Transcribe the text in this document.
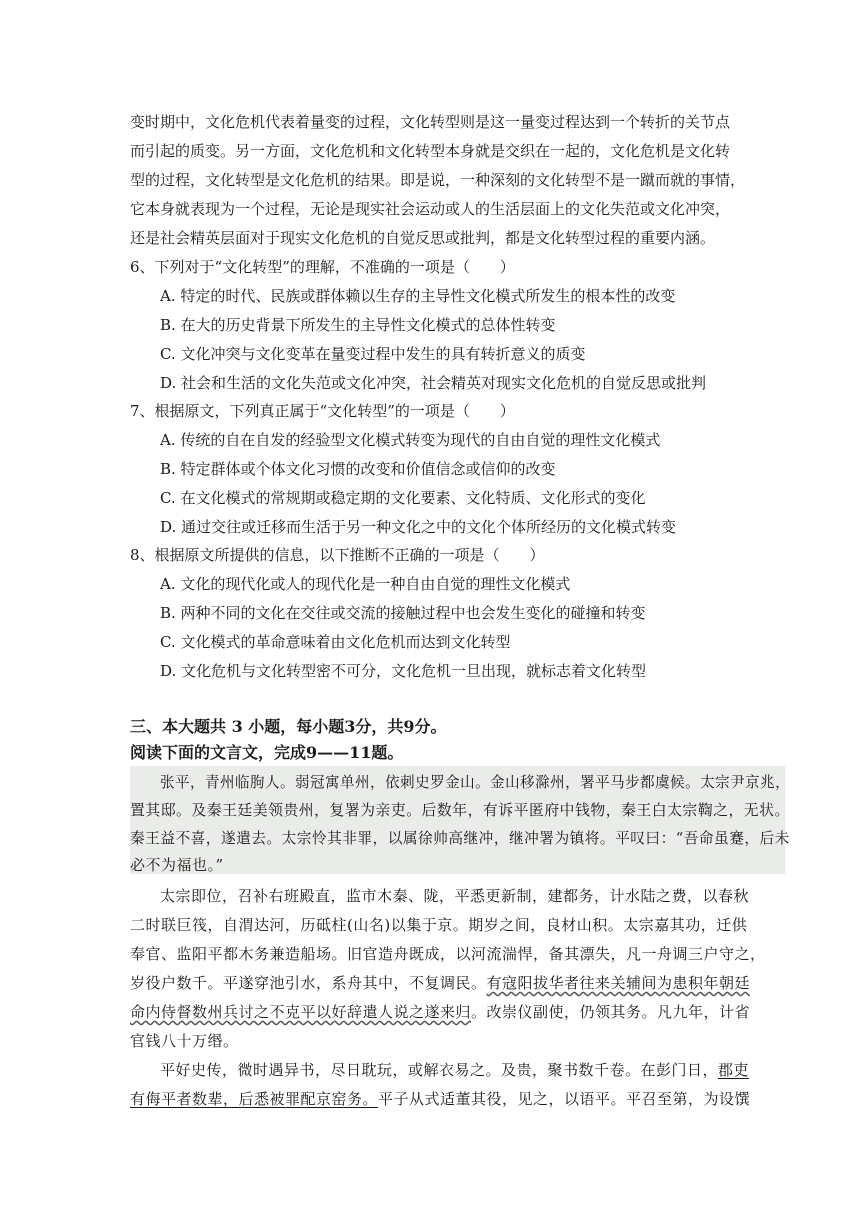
变时期中，文化危机代表着量变的过程，文化转型则是这一量变过程达到一个转折的关节点
而引起的质变。另一方面，文化危机和文化转型本身就是交织在一起的，文化危机是文化转
型的过程，文化转型是文化危机的结果。即是说，一种深刻的文化转型不是一蹴而就的事情，
它本身就表现为一个过程，无论是现实社会运动或人的生活层面上的文化失范或文化冲突，
还是社会精英层面对于现实文化危机的自觉反思或批判，都是文化转型过程的重要内涵。
6、下列对于“文化转型”的理解，不准确的一项是（　　）
A. 特定的时代、民族或群体赖以生存的主导性文化模式所发生的根本性的改变
B. 在大的历史背景下所发生的主导性文化模式的总体性转变
C. 文化冲突与文化变革在量变过程中发生的具有转折意义的质变
D. 社会和生活的文化失范或文化冲突，社会精英对现实文化危机的自觉反思或批判
7、根据原文，下列真正属于“文化转型”的一项是（　　）
A. 传统的自在自发的经验型文化模式转变为现代的自由自觉的理性文化模式
B. 特定群体或个体文化习惯的改变和价值信念或信仰的改变
C. 在文化模式的常规期或稳定期的文化要素、文化特质、文化形式的变化
D. 通过交往或迁移而生活于另一种文化之中的文化个体所经历的文化模式转变
8、根据原文所提供的信息，以下推断不正确的一项是（　　）
A. 文化的现代化或人的现代化是一种自由自觉的理性文化模式
B. 两种不同的文化在交往或交流的接触过程中也会发生变化的碰撞和转变
C. 文化模式的革命意味着由文化危机而达到文化转型
D. 文化危机与文化转型密不可分，文化危机一旦出现，就标志着文化转型
三、本大题共 3 小题，每小题3分，共9分。
阅读下面的文言文，完成9——11题。
张平，青州临朐人。弱冠寓单州，依刺史罗金山。金山移滁州，署平马步都虞候。太宗尹京兆，
置其邸。及秦王廷美领贵州，复署为亲吏。后数年，有诉平匿府中钱物，秦王白太宗鞫之，无状。
秦王益不喜，遂遣去。太宗怜其非罪，以属徐帅高继冲，继冲署为镇将。平叹曰：“吾命虽蹇，后未
必不为福也。”
太宗即位，召补右班殿直，监市木秦、陇，平悉更新制，建都务，计水陆之费，以春秋
二时联巨筏，自渭达河，历砥柱(山名)以集于京。期岁之间，良材山积。太宗嘉其功，迁供
奉官、监阳平都木务兼造船场。旧官造舟既成，以河流湍悍，备其漂失，凡一舟调三户守之，
岁役户数千。平遂穿池引水，系舟其中，不复调民。有寇阳拔华者往来关辅间为患积年朝廷
命内侍督数州兵讨之不克平以好辞遣人说之遂来归。改崇仪副使，仍领其务。凡九年，计省
官钱八十万缗。
平好史传，微时遇异书，尽日耽玩，或解衣易之。及贵，聚书数千卷。在彭门日，郡吏
有侮平者数辈，后悉被罪配京窑务。平子从式适董其役，见之，以语平。平召至第，为设馔
